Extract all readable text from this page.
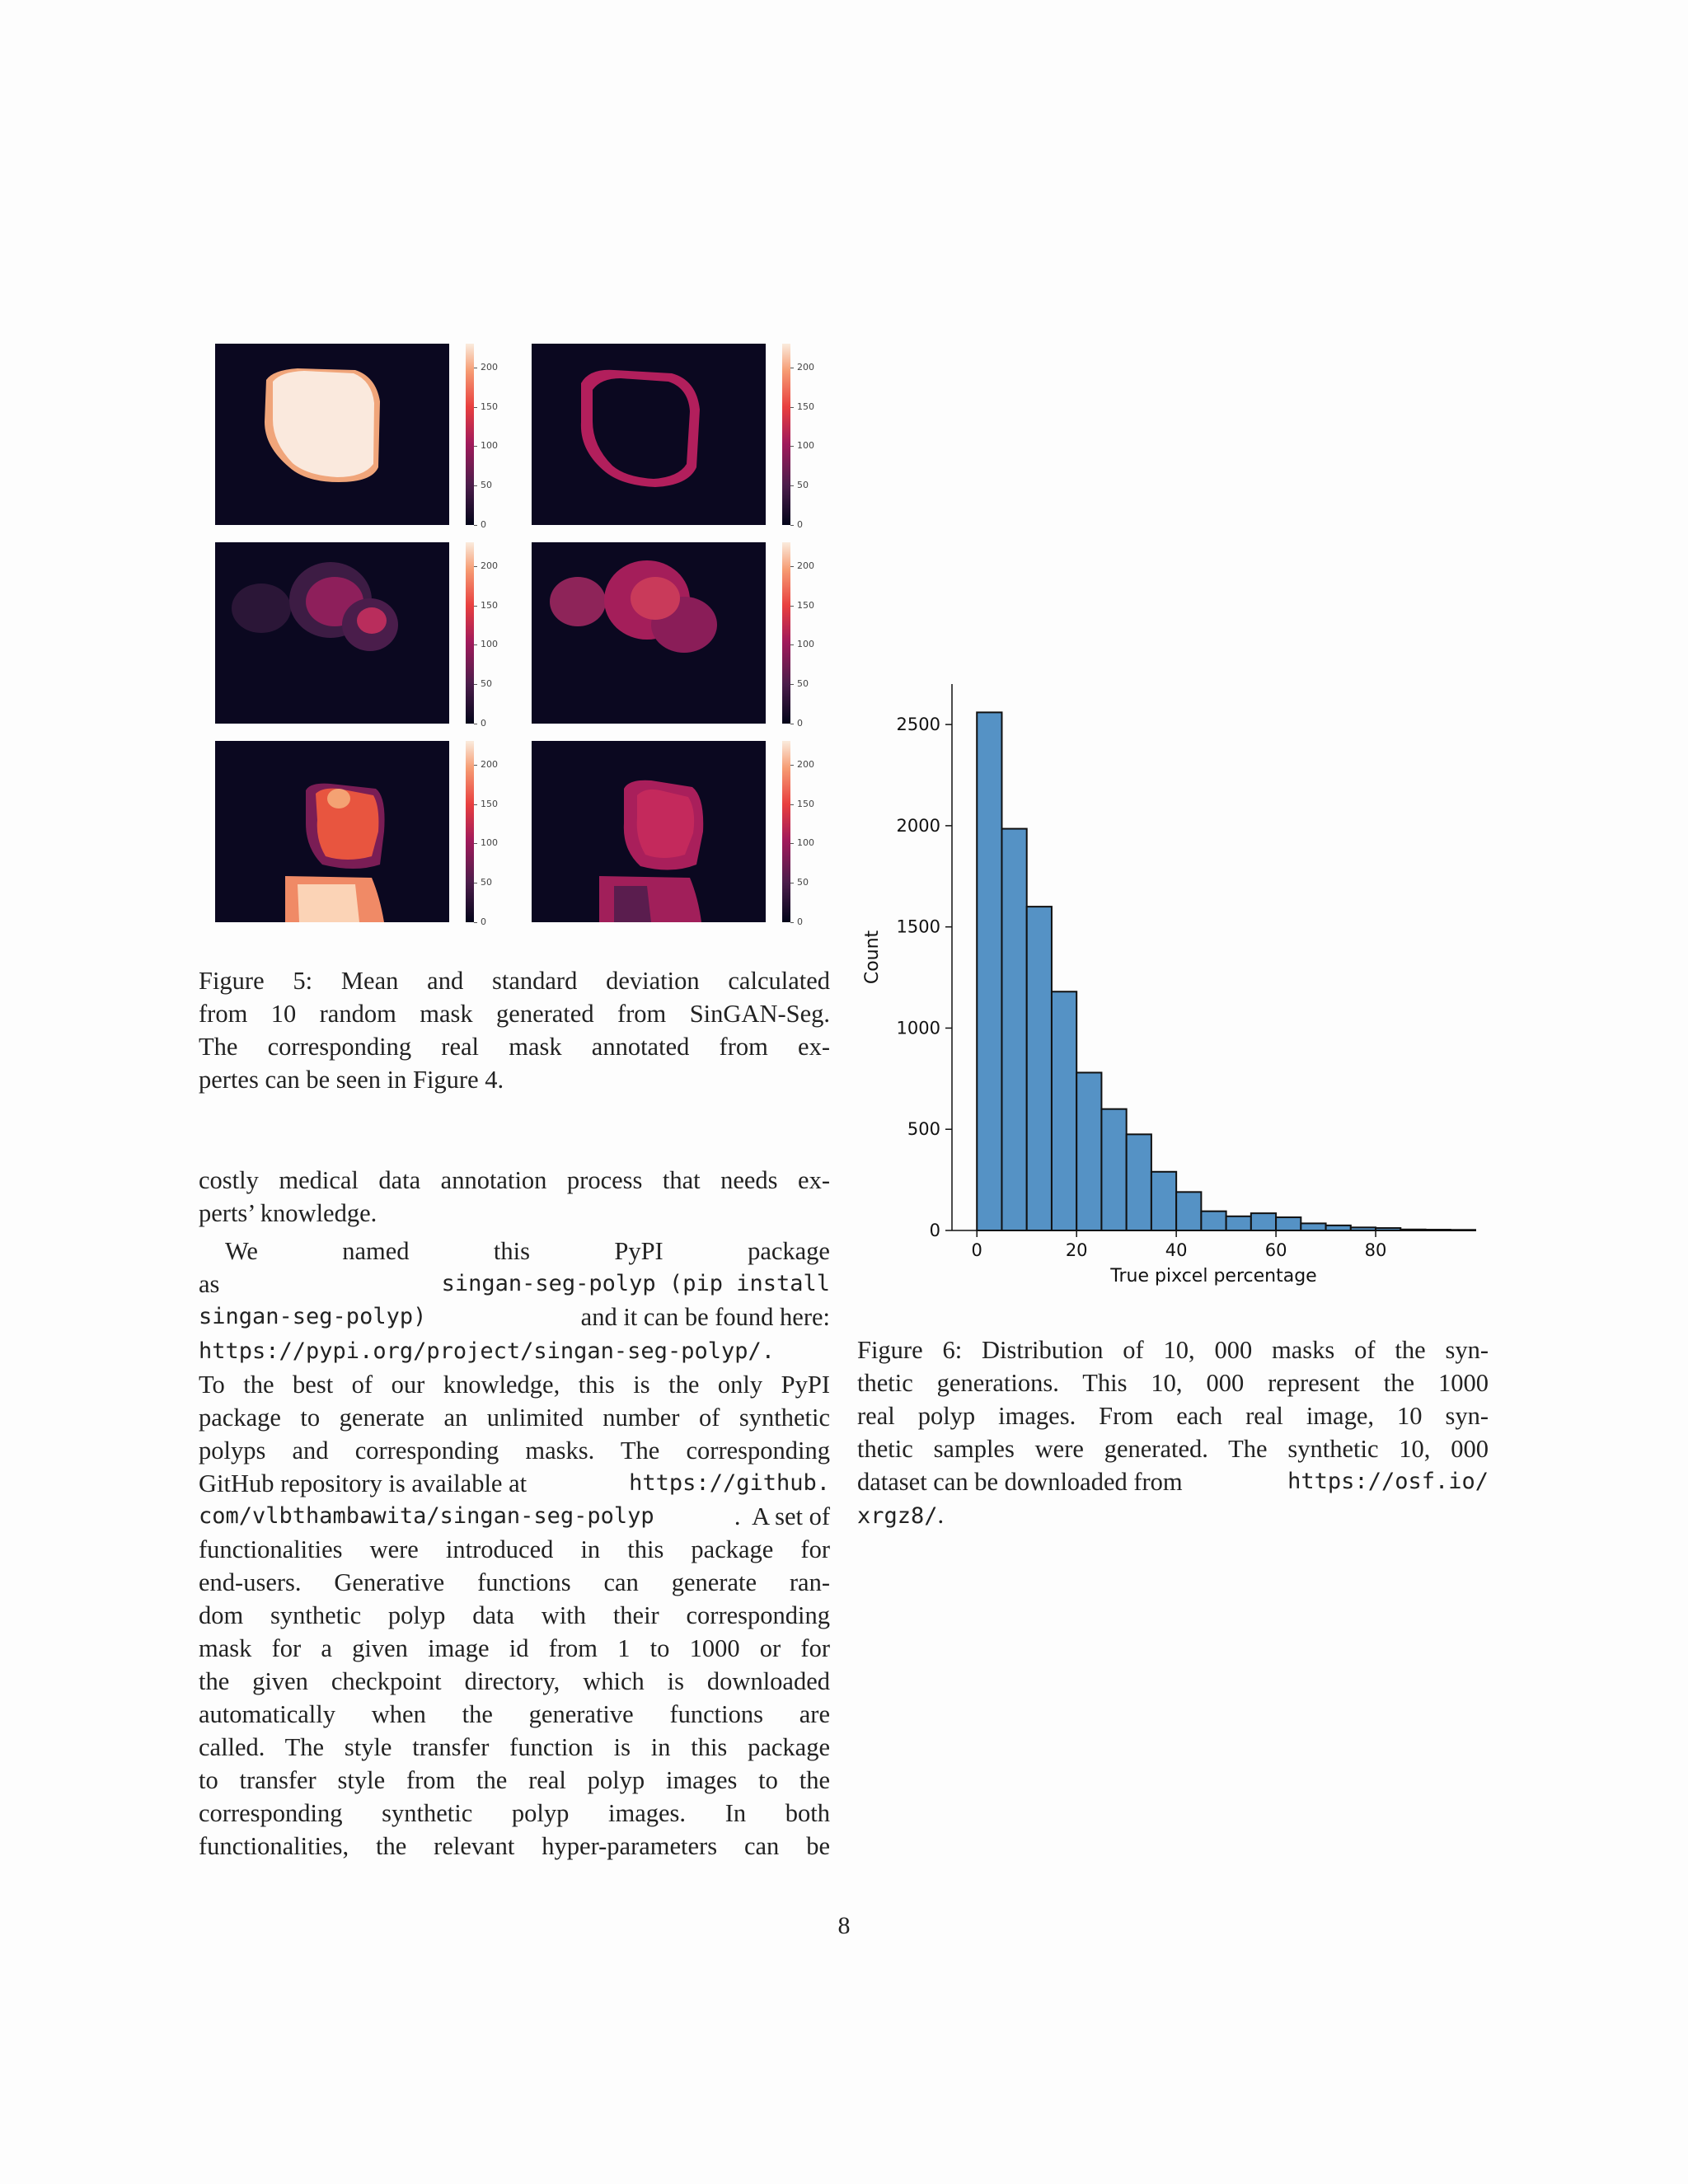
200
150
100
50
0
200
150
100
50
0
200
150
100
50
0
200
150
100
50
0
200
150
100
50
0
200
150
100
50
0
Figure 5: Mean and standard deviation calculated
from 10 random mask generated from SinGAN-Seg.
The corresponding real mask annotated from ex-
pertes can be seen in Figure 4.
costly medical data annotation process that needs ex-
perts’ knowledge.
We	named	this	PyPI	package
as	singan-seg-polyp (pip install
singan-seg-polyp)	and it can be found here:
https://pypi.org/project/singan-seg-polyp/.
To the best of our knowledge, this is the only PyPI
package to generate an unlimited number of synthetic
polyps and corresponding masks. The corresponding
GitHub repository is available at	https://github.
com/vlbthambawita/singan-seg-polyp	.  A set of
functionalities were introduced in this package for
end-users. Generative functions can generate ran-
dom synthetic polyp data with their corresponding
mask for a given image id from 1 to 1000 or for
the given checkpoint directory, which is downloaded
automatically when the generative functions are
called. The style transfer function is in this package
to transfer style from the real polyp images to the
corresponding synthetic polyp images. In both
functionalities, the relevant hyper-parameters can be
0
500
1000
1500
2000
2500
0	20	40	60	80
True pixcel percentage
Count
Figure 6: Distribution of 10, 000 masks of the syn-
thetic generations. This 10, 000 represent the 1000
real polyp images. From each real image, 10 syn-
thetic samples were generated. The synthetic 10, 000
dataset can be downloaded from	https://osf.io/
xrgz8/.
8
